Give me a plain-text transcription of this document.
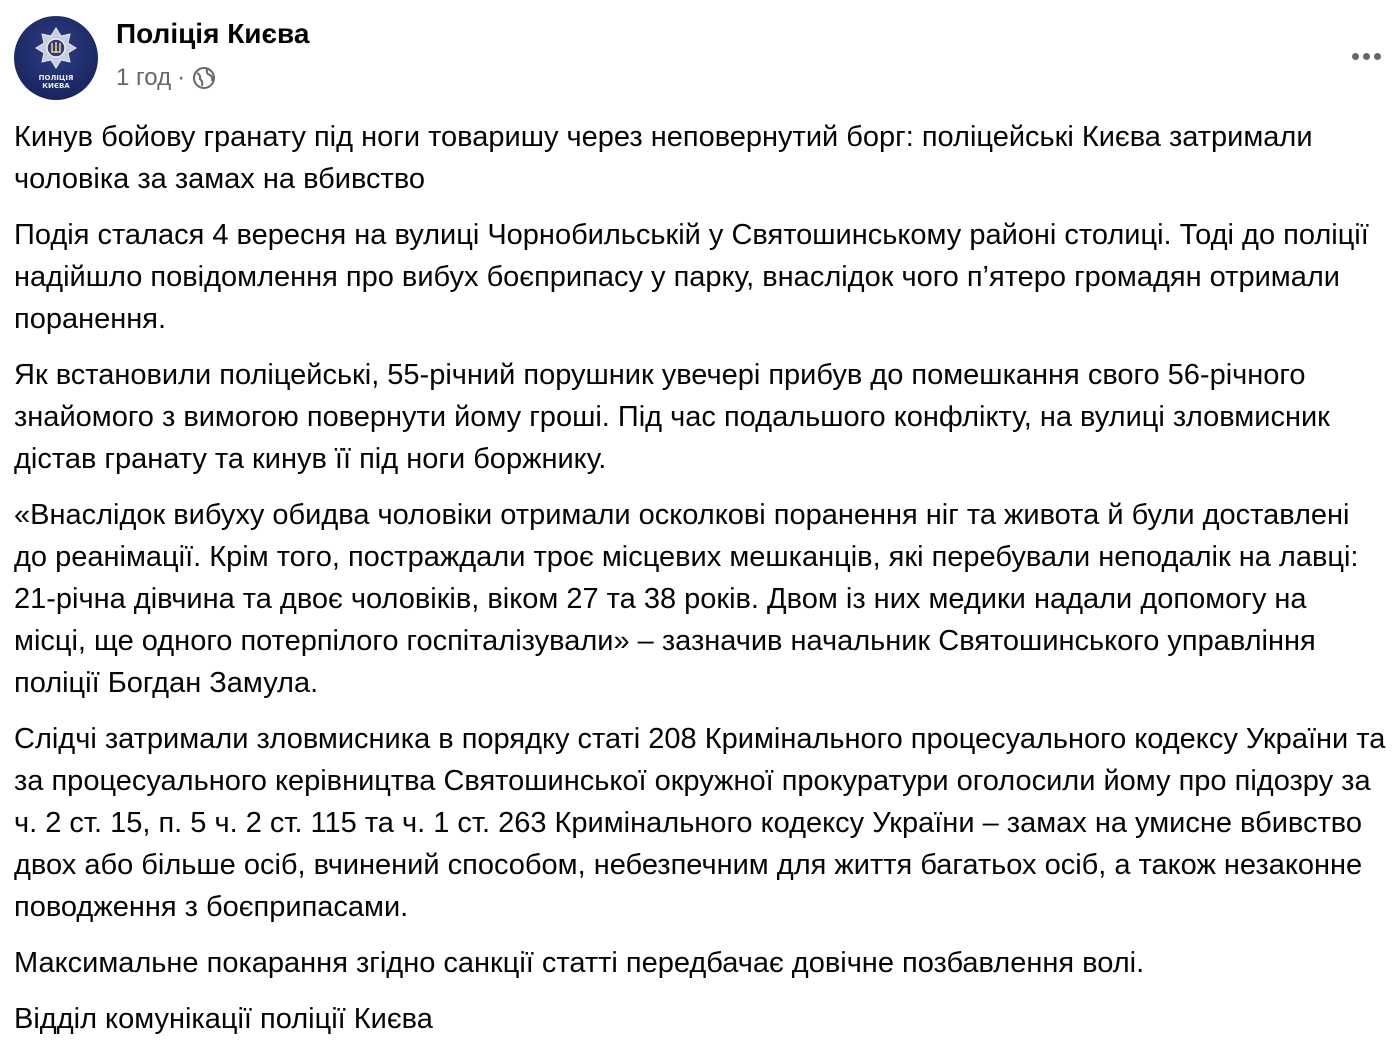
ПОЛІЦІЯ КИЄВА
Поліція Києва
1 год ·

Кинув бойову гранату під ноги товаришу через неповернутий борг: поліцейські Києва затримали чоловіка за замах на вбивство

Подія сталася 4 вересня на вулиці Чорнобильській у Святошинському районі столиці. Тоді до поліції надійшло повідомлення про вибух боєприпасу у парку, внаслідок чого п’ятеро громадян отримали поранення.

Як встановили поліцейські, 55-річний порушник увечері прибув до помешкання свого 56-річного знайомого з вимогою повернути йому гроші. Під час подальшого конфлікту, на вулиці зловмисник дістав гранату та кинув її під ноги боржнику.

«Внаслідок вибуху обидва чоловіки отримали осколкові поранення ніг та живота й були доставлені до реанімації. Крім того, постраждали троє місцевих мешканців, які перебували неподалік на лавці: 21-річна дівчина та двоє чоловіків, віком 27 та 38 років. Двом із них медики надали допомогу на місці, ще одного потерпілого госпіталізували» – зазначив начальник Святошинського управління поліції Богдан Замула.

Слідчі затримали зловмисника в порядку статі 208 Кримінального процесуального кодексу України та за процесуального керівництва Святошинської окружної прокуратури оголосили йому про підозру за ч. 2 ст. 15, п. 5 ч. 2 ст. 115 та ч. 1 ст. 263 Кримінального кодексу України – замах на умисне вбивство двох або більше осіб, вчинений способом, небезпечним для життя багатьох осіб, а також незаконне поводження з боєприпасами.

Максимальне покарання згідно санкції статті передбачає довічне позбавлення волі.

Відділ комунікації поліції Києва
